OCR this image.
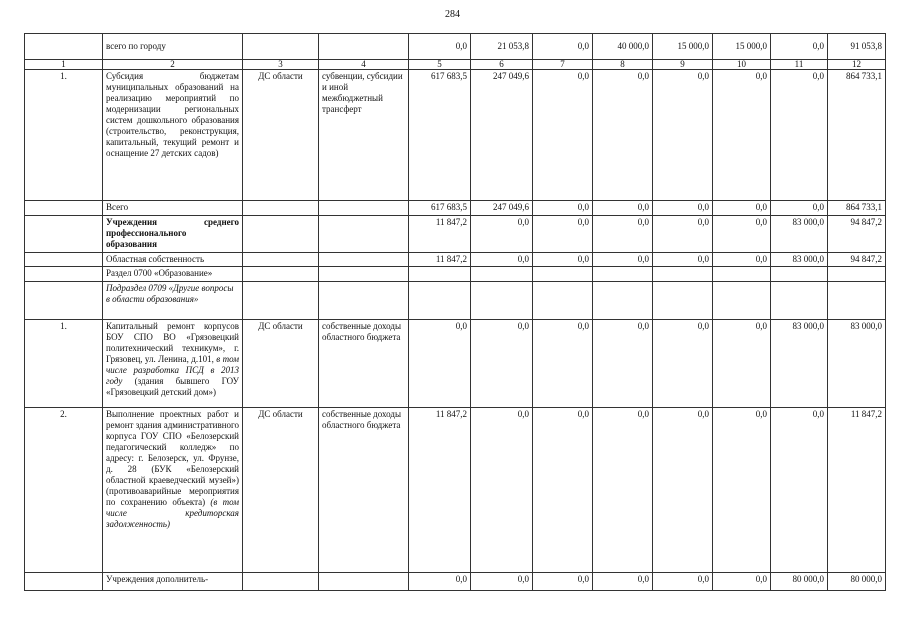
284
	всего по городу			0,0	21 053,8	0,0	40 000,0	15 000,0	15 000,0	0,0	91 053,8
1	2	3	4	5	6	7	8	9	10	11	12
1.	Субсидия бюджетам муниципальных образований на реализацию мероприятий по модернизации региональных систем дошкольного образования (строительство, реконструкция, капитальный, текущий ремонт и оснащение 27 детских садов)	ДС области	субвенции, субсидии и иной межбюджетный трансферт	617 683,5	247 049,6	0,0	0,0	0,0	0,0	0,0	864 733,1
	Всего			617 683,5	247 049,6	0,0	0,0	0,0	0,0	0,0	864 733,1
	Учреждения среднего профессионального образования			11 847,2	0,0	0,0	0,0	0,0	0,0	83 000,0	94 847,2
	Областная собственность			11 847,2	0,0	0,0	0,0	0,0	0,0	83 000,0	94 847,2
	Раздел 0700 «Образование»										
	Подраздел 0709 «Другие вопросы в области образования»										
1.	Капитальный ремонт корпусов БОУ СПО ВО «Грязовецкий политехнический техникум», г. Грязовец, ул. Ленина, д.101, в том числе разработка ПСД в 2013 году (здания бывшего ГОУ «Грязовецкий детский дом»)	ДС области	собственные доходы областного бюджета	0,0	0,0	0,0	0,0	0,0	0,0	83 000,0	83 000,0
2.	Выполнение проектных работ и ремонт здания административного корпуса ГОУ СПО «Белозерский педагогический колледж» по адресу: г. Белозерск, ул. Фрунзе, д. 28 (БУК «Белозерский областной краеведческий музей») (противоаварийные мероприятия по сохранению объекта) (в том числе кредиторская задолженность)	ДС области	собственные доходы областного бюджета	11 847,2	0,0	0,0	0,0	0,0	0,0	0,0	11 847,2
	Учреждения дополнитель-			0,0	0,0	0,0	0,0	0,0	0,0	80 000,0	80 000,0
